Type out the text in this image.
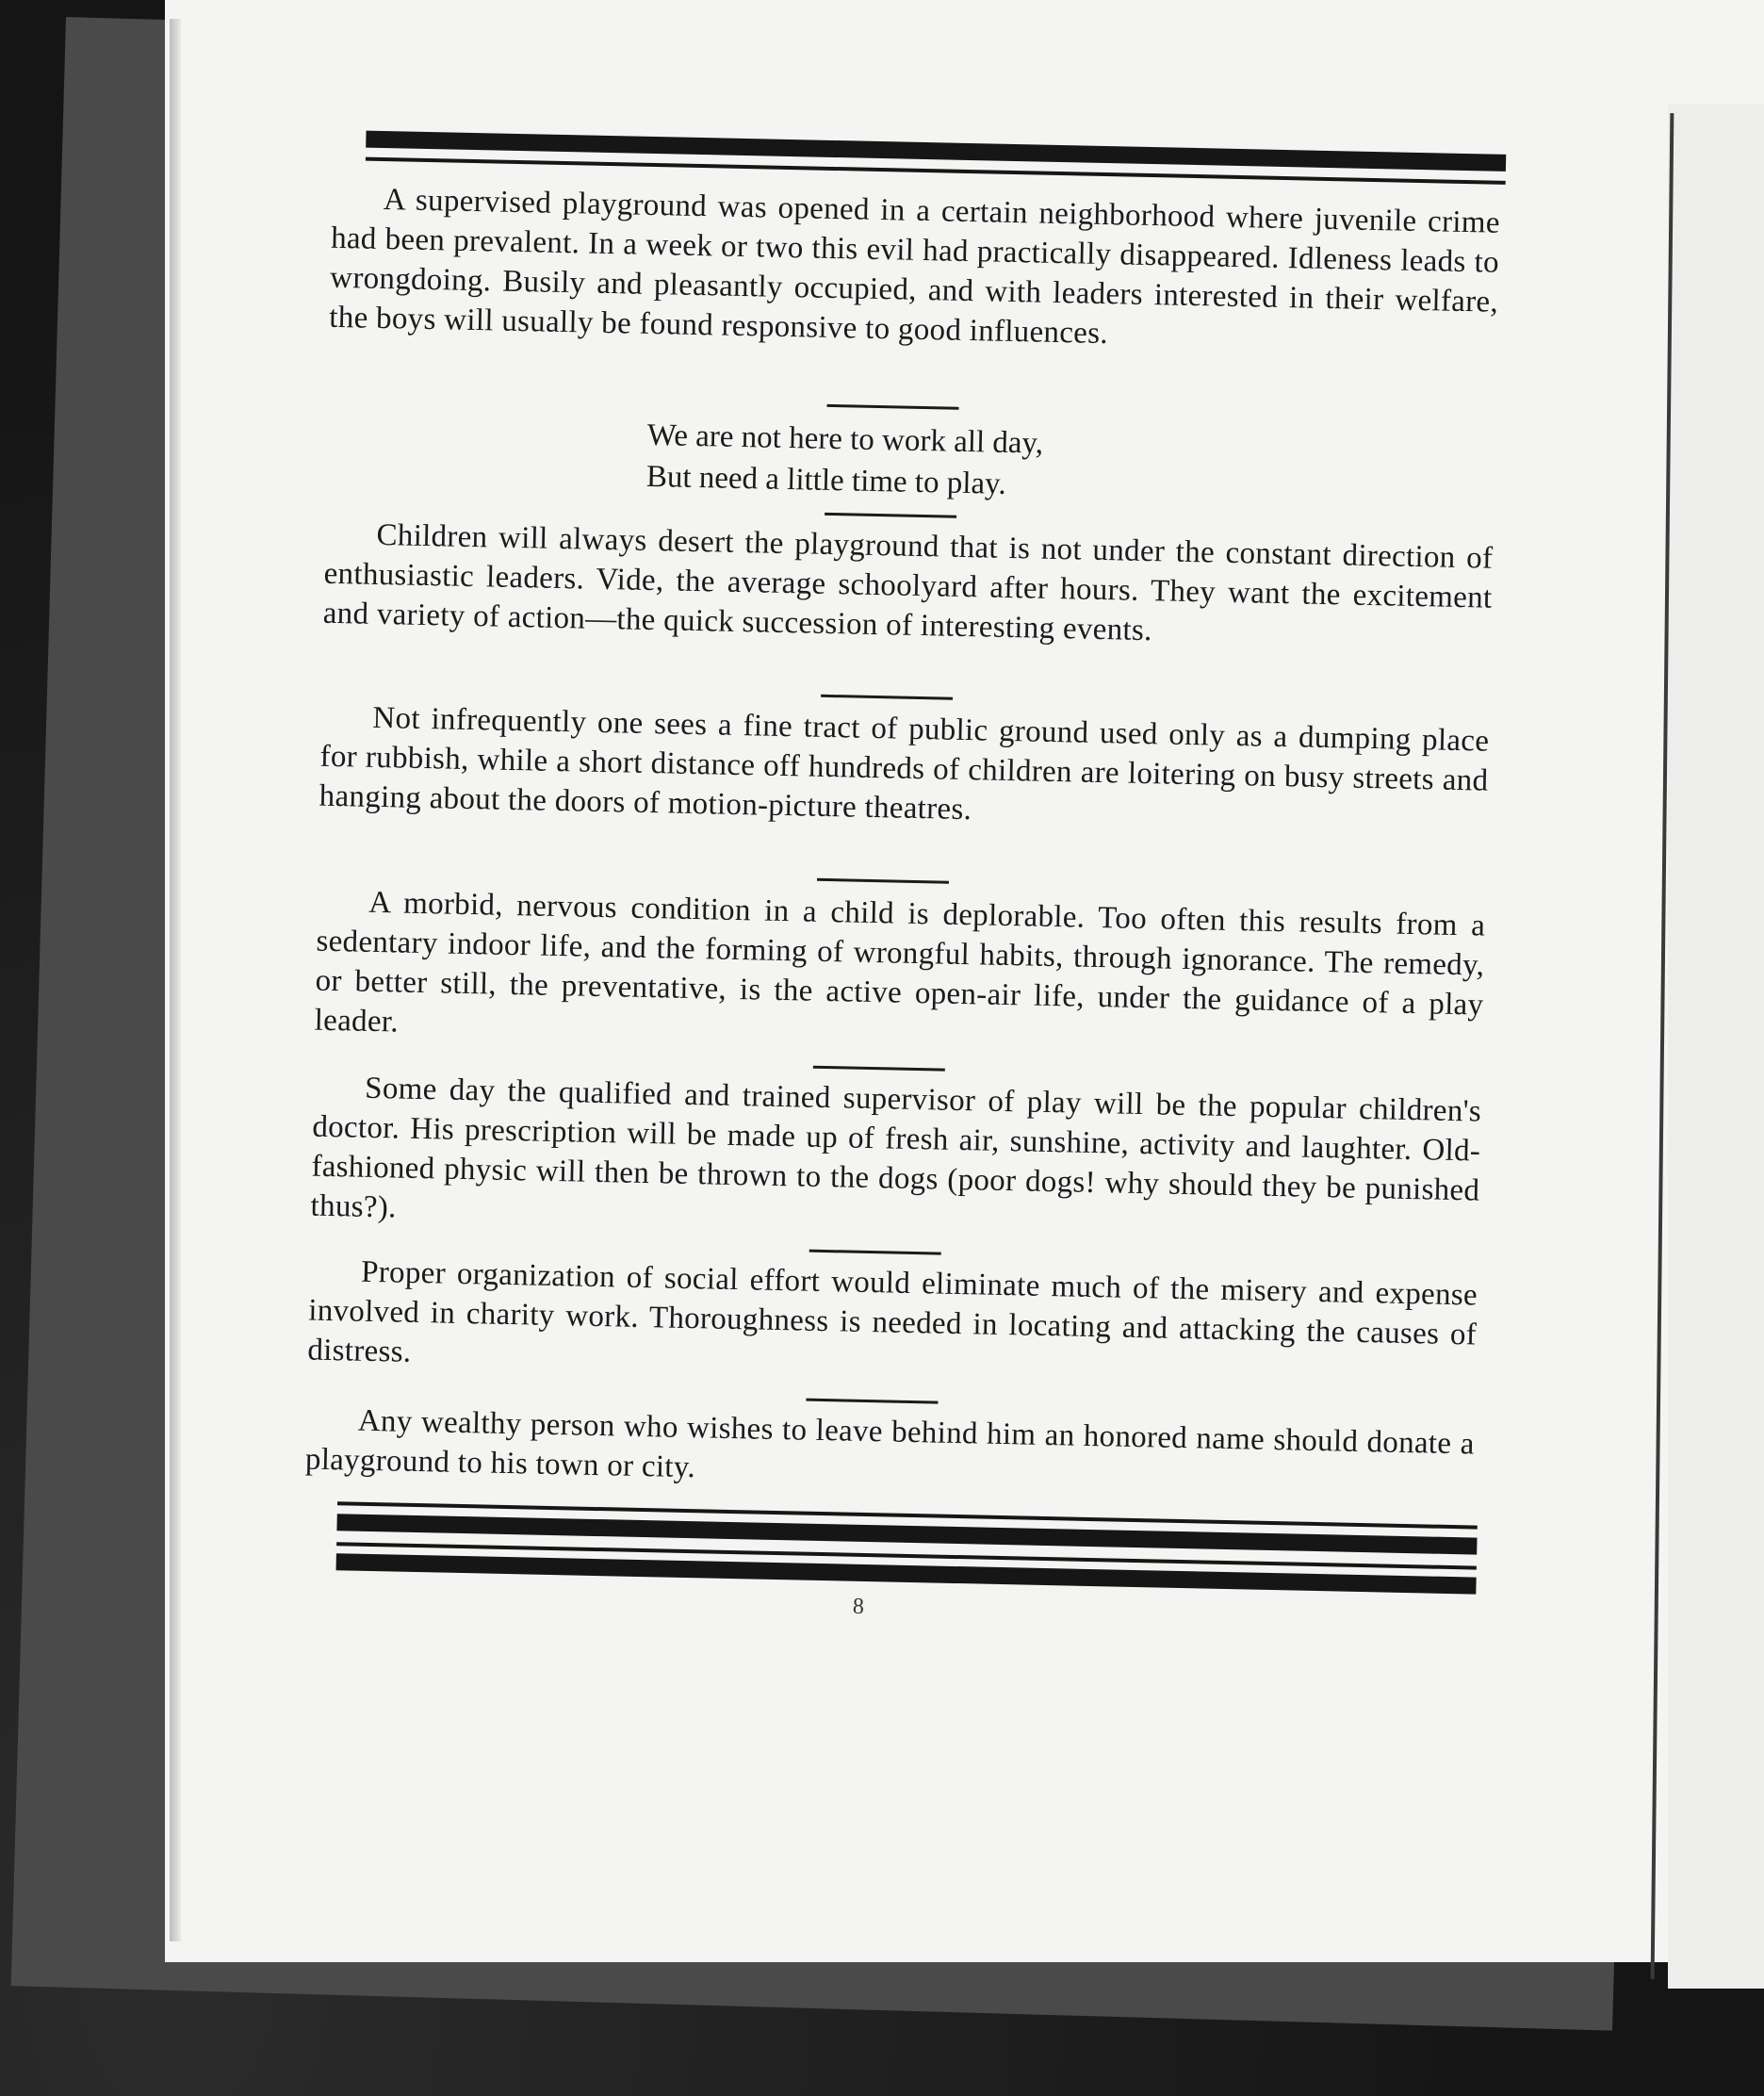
A supervised playground was opened in a certain neighborhood where juvenile crime had been prevalent. In a week or two this evil had practically disappeared. Idleness leads to wrongdoing. Busily and pleasantly occupied, and with leaders interested in their welfare, the boys will usually be found responsive to good influences.

We are not here to work all day,
But need a little time to play.

Children will always desert the playground that is not under the constant direction of enthusiastic leaders. Vide, the average schoolyard after hours. They want the excitement and variety of action—the quick succession of interesting events.

Not infrequently one sees a fine tract of public ground used only as a dumping place for rubbish, while a short distance off hundreds of children are loitering on busy streets and hanging about the doors of motion-picture theatres.

A morbid, nervous condition in a child is deplorable. Too often this results from a sedentary indoor life, and the forming of wrongful habits, through ignorance. The remedy, or better still, the preventative, is the active open-air life, under the guidance of a play leader.

Some day the qualified and trained supervisor of play will be the popular children's doctor. His prescription will be made up of fresh air, sunshine, activity and laughter. Old-fashioned physic will then be thrown to the dogs (poor dogs! why should they be punished thus?).

Proper organization of social effort would eliminate much of the misery and expense involved in charity work. Thoroughness is needed in locating and attacking the causes of distress.

Any wealthy person who wishes to leave behind him an honored name should donate a playground to his town or city.

8
